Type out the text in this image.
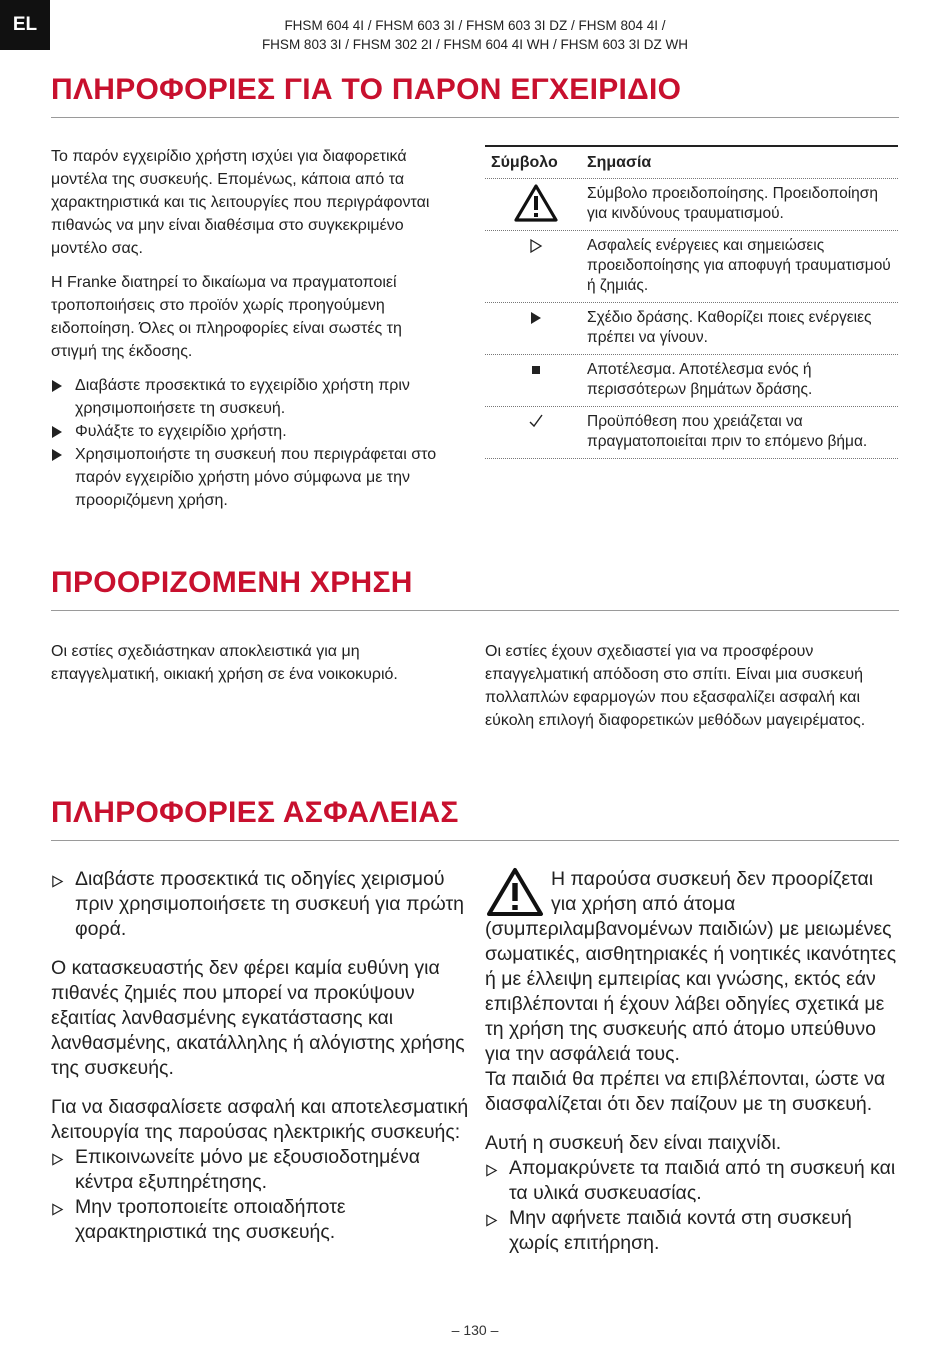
EL	FHSM 604 4I / FHSM 603 3I / FHSM 603 3I DZ / FHSM 804 4I /
FHSM 803 3I / FHSM 302 2I / FHSM 604 4I WH / FHSM 603 3I DZ WH
ΠΛΗΡΟΦΟΡΙΕΣ ΓΙΑ ΤΟ ΠΑΡΟΝ ΕΓΧΕΙΡΙΔΙΟ

Το παρόν εγχειρίδιο χρήστη ισχύει για διαφορετικά μοντέλα της συσκευής. Επομένως, κάποια από τα χαρακτηριστικά και τις λειτουργίες που περιγράφονται πιθανώς να μην είναι διαθέσιμα στο συγκεκριμένο μοντέλο σας.

Η Franke διατηρεί το δικαίωμα να πραγματοποιεί τροποποιήσεις στο προϊόν χωρίς προηγούμενη ειδοποίηση. Όλες οι πληροφορίες είναι σωστές τη στιγμή της έκδοσης.

Διαβάστε προσεκτικά το εγχειρίδιο χρήστη πριν χρησιμοποιήσετε τη συσκευή.
Φυλάξτε το εγχειρίδιο χρήστη.
Χρησιμοποιήστε τη συσκευή που περιγράφεται στο παρόν εγχειρίδιο χρήστη μόνο σύμφωνα με την προοριζόμενη χρήση.
Σύμβολο	Σημασία
Σύμβολο προειδοποίησης. Προειδοποίηση για κινδύνους τραυματισμού.
Ασφαλείς ενέργειες και σημειώσεις προειδοποίησης για αποφυγή τραυματισμού ή ζημιάς.
Σχέδιο δράσης. Καθορίζει ποιες ενέργειες πρέπει να γίνουν.
Αποτέλεσμα. Αποτέλεσμα ενός ή περισσότερων βημάτων δράσης.
Προϋπόθεση που χρειάζεται να πραγματοποιείται πριν το επόμενο βήμα.
ΠΡΟΟΡΙΖΟΜΕΝΗ ΧΡΗΣΗ

Οι εστίες σχεδιάστηκαν αποκλειστικά για μη επαγγελματική, οικιακή χρήση σε ένα νοικοκυριό.

Οι εστίες έχουν σχεδιαστεί για να προσφέρουν επαγγελματική απόδοση στο σπίτι. Είναι μια συσκευή πολλαπλών εφαρμογών που εξασφαλίζει ασφαλή και εύκολη επιλογή διαφορετικών μεθόδων μαγειρέματος.

ΠΛΗΡΟΦΟΡΙΕΣ ΑΣΦΑΛΕΙΑΣ
Διαβάστε προσεκτικά τις οδηγίες χειρισμού πριν χρησιμοποιήσετε τη συσκευή για πρώτη φορά.

Ο κατασκευαστής δεν φέρει καμία ευθύνη για πιθανές ζημιές που μπορεί να προκύψουν εξαιτίας λανθασμένης εγκατάστασης και λανθασμένης, ακατάλληλης ή αλόγιστης χρήσης της συσκευής.

Για να διασφαλίσετε ασφαλή και αποτελεσματική λειτουργία της παρούσας ηλεκτρικής συσκευής:

Επικοινωνείτε μόνο με εξουσιοδοτημένα κέντρα εξυπηρέτησης.
Μην τροποποιείτε οποιαδήποτε χαρακτηριστικά της συσκευής.

Η παρούσα συσκευή δεν προορίζεται για χρήση από άτομα (συμπεριλαμβανομένων παιδιών) με μειωμένες σωματικές, αισθητηριακές ή νοητικές ικανότητες ή με έλλειψη εμπειρίας και γνώσης, εκτός εάν επιβλέπονται ή έχουν λάβει οδηγίες σχετικά με τη χρήση της συσκευής από άτομο υπεύθυνο για την ασφάλειά τους.

Τα παιδιά θα πρέπει να επιβλέπονται, ώστε να διασφαλίζεται ότι δεν παίζουν με τη συσκευή.

Αυτή η συσκευή δεν είναι παιχνίδι.

Απομακρύνετε τα παιδιά από τη συσκευή και τα υλικά συσκευασίας.
Μην αφήνετε παιδιά κοντά στη συσκευή χωρίς επιτήρηση.
– 130 –
